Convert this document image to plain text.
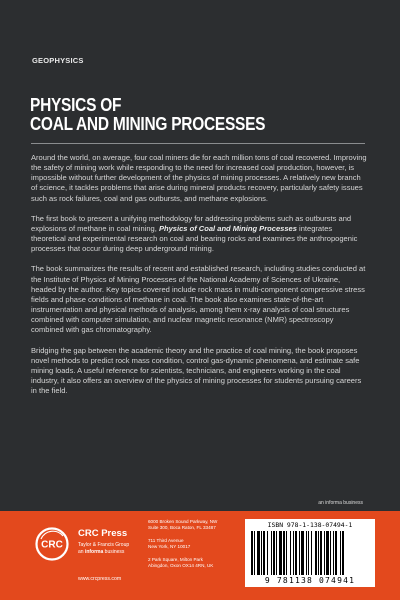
GEOPHYSICS
PHYSICS OF
COAL AND MINING PROCESSES

Around the world, on average, four coal miners die for each million tons of coal recovered. Improving the safety of mining work while responding to the need for increased coal production, however, is impossible without further development of the physics of mining processes. A relatively new branch of science, it tackles problems that arise during mineral products recovery, particularly safety issues such as rock failures, coal and gas outbursts, and methane explosions.

The first book to present a unifying methodology for addressing problems such as outbursts and explosions of methane in coal mining, Physics of Coal and Mining Processes integrates theoretical and experimental research on coal and bearing rocks and examines the anthropogenic processes that occur during deep underground mining.

The book summarizes the results of recent and established research, including studies conducted at the Institute of Physics of Mining Processes of the National Academy of Sciences of Ukraine, headed by the author. Key topics covered include rock mass in multi-component compressive stress fields and phase conditions of methane in coal. The book also examines state-of-the-art instrumentation and physical methods of analysis, among them x-ray analysis of coal structures combined with computer simulation, and nuclear magnetic resonance (NMR) spectroscopy combined with gas chromatography.

Bridging the gap between the academic theory and the practice of coal mining, the book proposes novel methods to predict rock mass condition, control gas-dynamic phenomena, and estimate safe mining loads. A useful reference for scientists, technicians, and engineers working in the coal industry, it also offers an overview of the physics of mining processes for students pursuing careers in the field.

an informa business
CRC
CRC Press
Taylor & Francis Group
an informa business
www.crcpress.com
6000 Broken Sound Parkway, NW
Suite 300, Boca Raton, FL 33487
711 Third Avenue
New York, NY 10017
2 Park Square, Milton Park
Abingdon, Oxon OX14 4RN, UK
ISBN 978-1-138-07494-1
9 781138 074941
